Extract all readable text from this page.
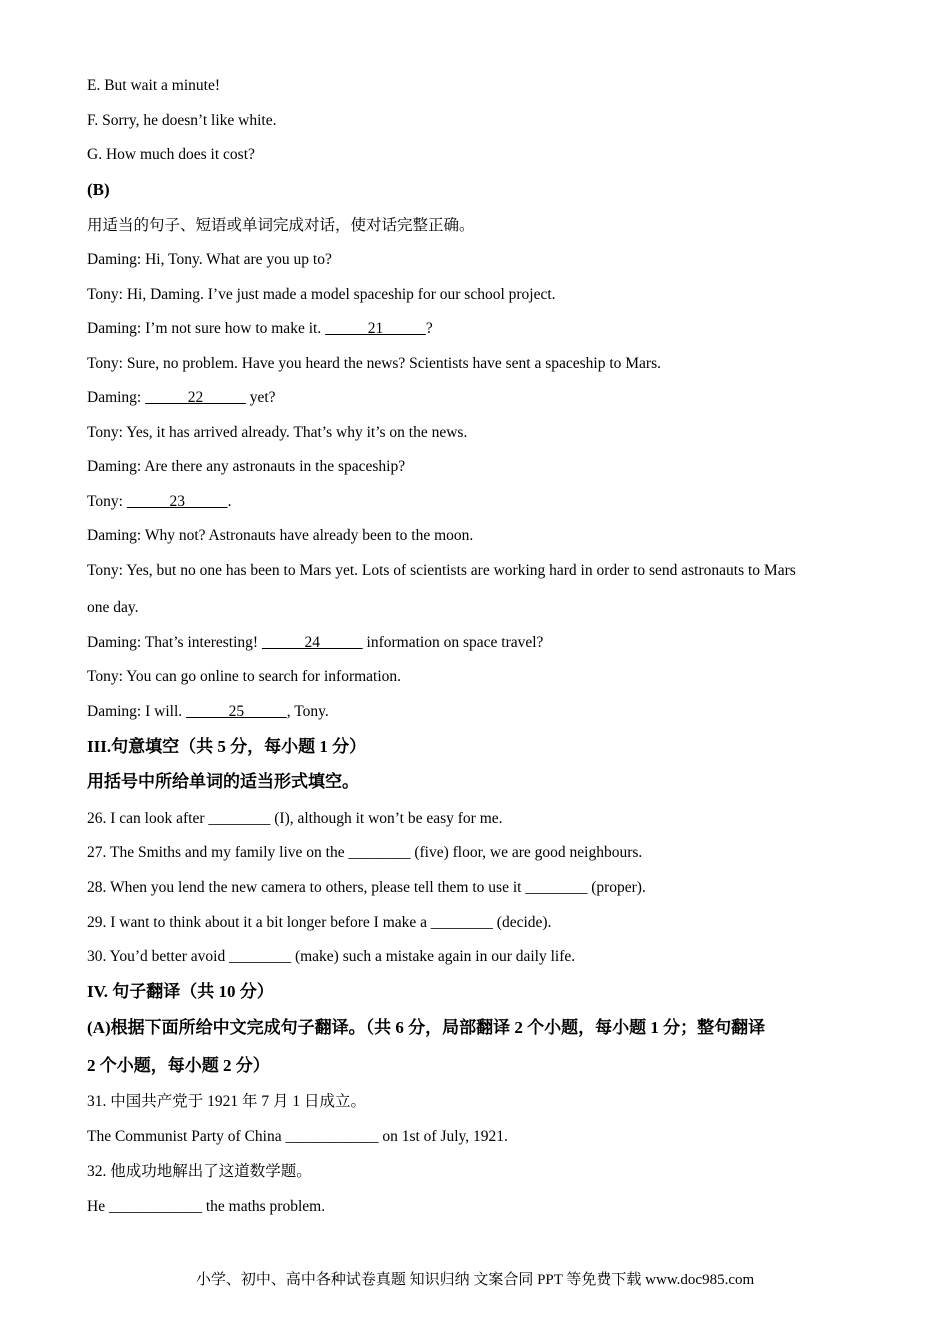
E. But wait a minute!
F. Sorry, he doesn’t like white.
G. How much does it cost?
(B)
用适当的句子、短语或单词完成对话，使对话完整正确。
Daming: Hi, Tony. What are you up to?
Tony: Hi, Daming. I’ve just made a model spaceship for our school project.
Daming: I’m not sure how to make it.	21	?
Tony: Sure, no problem. Have you heard the news? Scientists have sent a spaceship to Mars.
Daming:	22	yet?
Tony: Yes, it has arrived already. That’s why it’s on the news.
Daming: Are there any astronauts in the spaceship?
Tony:	23	.
Daming: Why not? Astronauts have already been to the moon.
Tony: Yes, but no one has been to Mars yet. Lots of scientists are working hard in order to send astronauts to Mars
one day.
Daming: That’s interesting!	24	information on space travel?
Tony: You can go online to search for information.
Daming: I will.	25	, Tony.
III.句意填空（共 5 分，每小题 1 分）
用括号中所给单词的适当形式填空。
26. I can look after ________ (I), although it won’t be easy for me.
27. The Smiths and my family live on the ________ (five) floor, we are good neighbours.
28. When you lend the new camera to others, please tell them to use it ________ (proper).
29. I want to think about it a bit longer before I make a ________ (decide).
30. You’d better avoid ________ (make) such a mistake again in our daily life.
IV. 句子翻译（共 10 分）
(A)根据下面所给中文完成句子翻译。（共 6 分，局部翻译 2 个小题，每小题 1 分；整句翻译
2 个小题，每小题 2 分）
31. 中国共产党于 1921 年 7 月 1 日成立。
The Communist Party of China ____________ on 1st of July, 1921.
32. 他成功地解出了这道数学题。
He ____________ the maths problem.
小学、初中、高中各种试卷真题 知识归纳 文案合同 PPT 等免费下载 www.doc985.com
